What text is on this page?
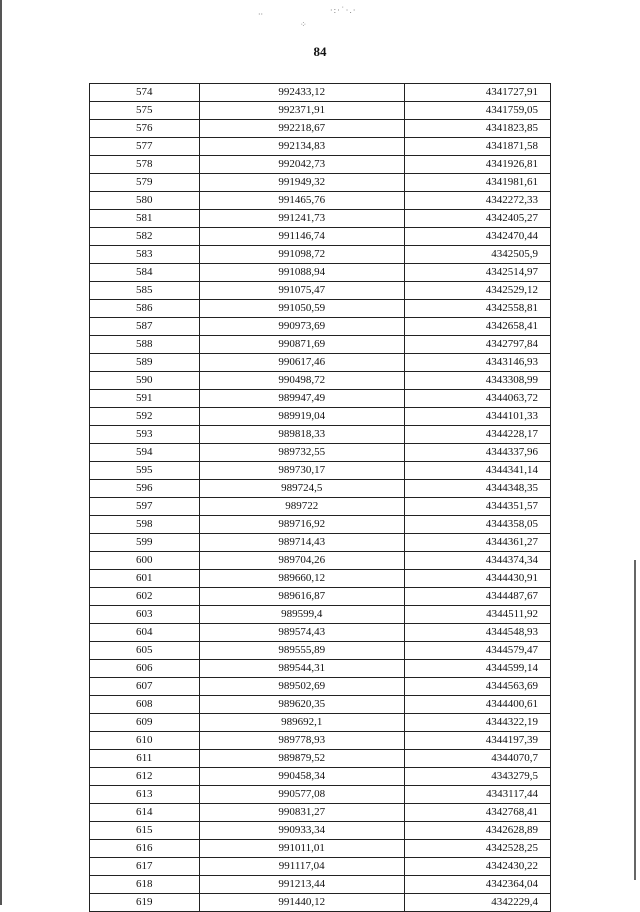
··	·:·˙·.·
⁘
84
574	992433,12	4341727,91
575	992371,91	4341759,05
576	992218,67	4341823,85
577	992134,83	4341871,58
578	992042,73	4341926,81
579	991949,32	4341981,61
580	991465,76	4342272,33
581	991241,73	4342405,27
582	991146,74	4342470,44
583	991098,72	4342505,9
584	991088,94	4342514,97
585	991075,47	4342529,12
586	991050,59	4342558,81
587	990973,69	4342658,41
588	990871,69	4342797,84
589	990617,46	4343146,93
590	990498,72	4343308,99
591	989947,49	4344063,72
592	989919,04	4344101,33
593	989818,33	4344228,17
594	989732,55	4344337,96
595	989730,17	4344341,14
596	989724,5	4344348,35
597	989722	4344351,57
598	989716,92	4344358,05
599	989714,43	4344361,27
600	989704,26	4344374,34
601	989660,12	4344430,91
602	989616,87	4344487,67
603	989599,4	4344511,92
604	989574,43	4344548,93
605	989555,89	4344579,47
606	989544,31	4344599,14
607	989502,69	4344563,69
608	989620,35	4344400,61
609	989692,1	4344322,19
610	989778,93	4344197,39
611	989879,52	4344070,7
612	990458,34	4343279,5
613	990577,08	4343117,44
614	990831,27	4342768,41
615	990933,34	4342628,89
616	991011,01	4342528,25
617	991117,04	4342430,22
618	991213,44	4342364,04
619	991440,12	4342229,4
